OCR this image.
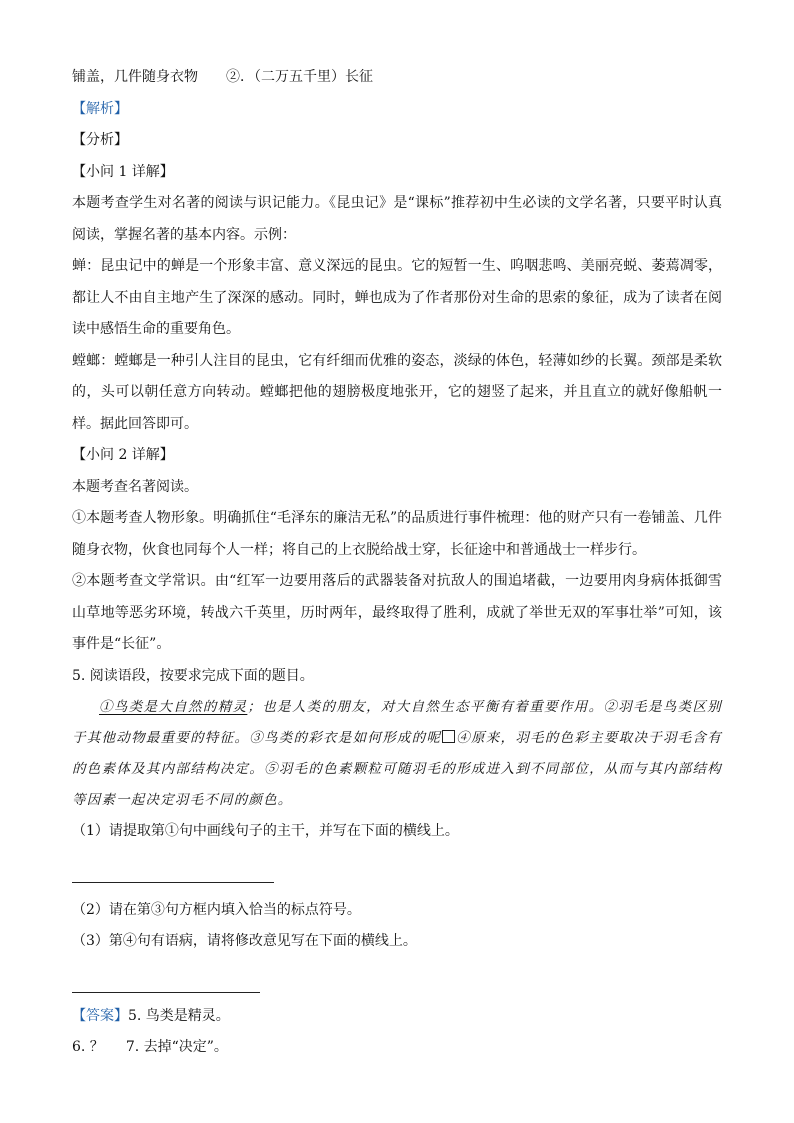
铺盖，几件随身衣物 ②．（二万五千里）长征

【解析】

【分析】

【小问 1 详解】

本题考查学生对名著的阅读与识记能力。《昆虫记》是“课标”推荐初中生必读的文学名著，只要平时认真阅读，掌握名著的基本内容。示例：

蝉：昆虫记中的蝉是一个形象丰富、意义深远的昆虫。它的短暂一生、呜咽悲鸣、美丽亮蜕、萎蔫凋零，都让人不由自主地产生了深深的感动。同时，蝉也成为了作者那份对生命的思索的象征，成为了读者在阅读中感悟生命的重要角色。

螳螂：螳螂是一种引人注目的昆虫，它有纤细而优雅的姿态，淡绿的体色，轻薄如纱的长翼。颈部是柔软的，头可以朝任意方向转动。螳螂把他的翅膀极度地张开，它的翅竖了起来，并且直立的就好像船帆一样。据此回答即可。

【小问 2 详解】

本题考查名著阅读。

①本题考查人物形象。明确抓住“毛泽东的廉洁无私”的品质进行事件梳理：他的财产只有一卷铺盖、几件随身衣物，伙食也同每个人一样；将自己的上衣脱给战士穿，长征途中和普通战士一样步行。

②本题考查文学常识。由“红军一边要用落后的武器装备对抗敌人的围追堵截，一边要用肉身病体抵御雪山草地等恶劣环境，转战六千英里，历时两年，最终取得了胜利，成就了举世无双的军事壮举”可知，该事件是“长征”。

5. 阅读语段，按要求完成下面的题目。

①鸟类是大自然的精灵；也是人类的朋友，对大自然生态平衡有着重要作用。②羽毛是鸟类区别于其他动物最重要的特征。③鸟类的彩衣是如何形成的呢 ④原来，羽毛的色彩主要取决于羽毛含有的色素体及其内部结构决定。⑤羽毛的色素颗粒可随羽毛的形成进入到不同部位，从而与其内部结构等因素一起决定羽毛不同的颜色。

（1）请提取第①句中画线句子的主干，并写在下面的横线上。

（2）请在第③句方框内填入恰当的标点符号。

（3）第④句有语病，请将修改意见写在下面的横线上。

【答案】5. 鸟类是精灵。

6. ？ 7. 去掉“决定”。
